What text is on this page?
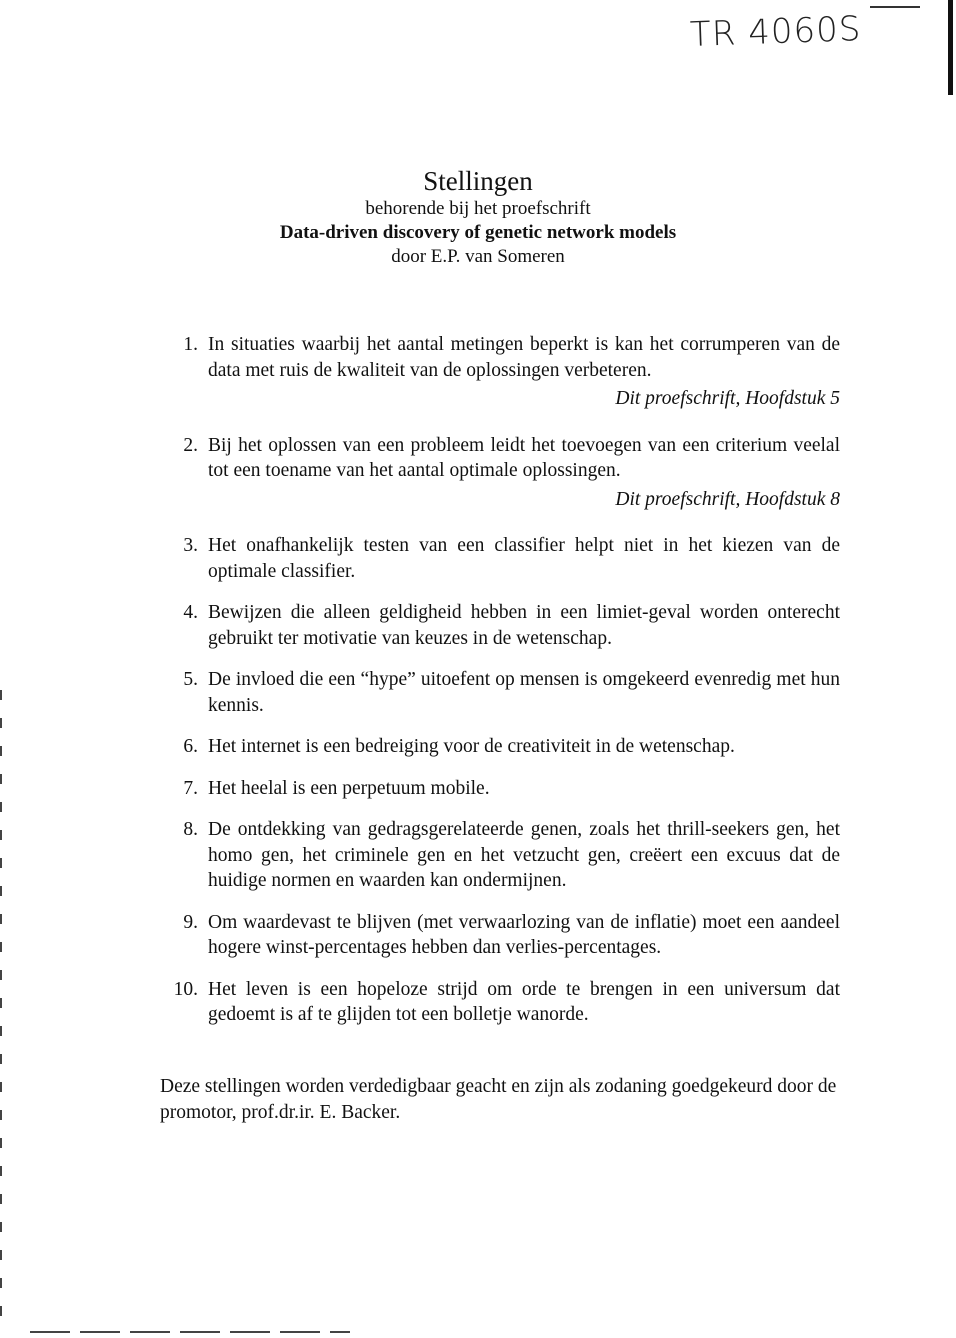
TR 4060S
Stellingen
behorende bij het proefschrift
Data-driven discovery of genetic network models
door E.P. van Someren
1. In situaties waarbij het aantal metingen beperkt is kan het corrumperen van de data met ruis de kwaliteit van de oplossingen verbeteren.
Dit proefschrift, Hoofdstuk 5
2. Bij het oplossen van een probleem leidt het toevoegen van een criterium veelal tot een toename van het aantal optimale oplossingen.
Dit proefschrift, Hoofdstuk 8
3. Het onafhankelijk testen van een classifier helpt niet in het kiezen van de optimale classifier.
4. Bewijzen die alleen geldigheid hebben in een limiet-geval worden onterecht gebruikt ter motivatie van keuzes in de wetenschap.
5. De invloed die een “hype” uitoefent op mensen is omgekeerd evenredig met hun kennis.
6. Het internet is een bedreiging voor de creativiteit in de wetenschap.
7. Het heelal is een perpetuum mobile.
8. De ontdekking van gedragsgerelateerde genen, zoals het thrill-seekers gen, het homo gen, het criminele gen en het vetzucht gen, creëert een excuus dat de huidige normen en waarden kan ondermijnen.
9. Om waardevast te blijven (met verwaarlozing van de inflatie) moet een aandeel hogere winst-percentages hebben dan verlies-percentages.
10. Het leven is een hopeloze strijd om orde te brengen in een universum dat gedoemt is af te glijden tot een bolletje wanorde.

Deze stellingen worden verdedigbaar geacht en zijn als zodaning goedgekeurd door de promotor, prof.dr.ir. E. Backer.
